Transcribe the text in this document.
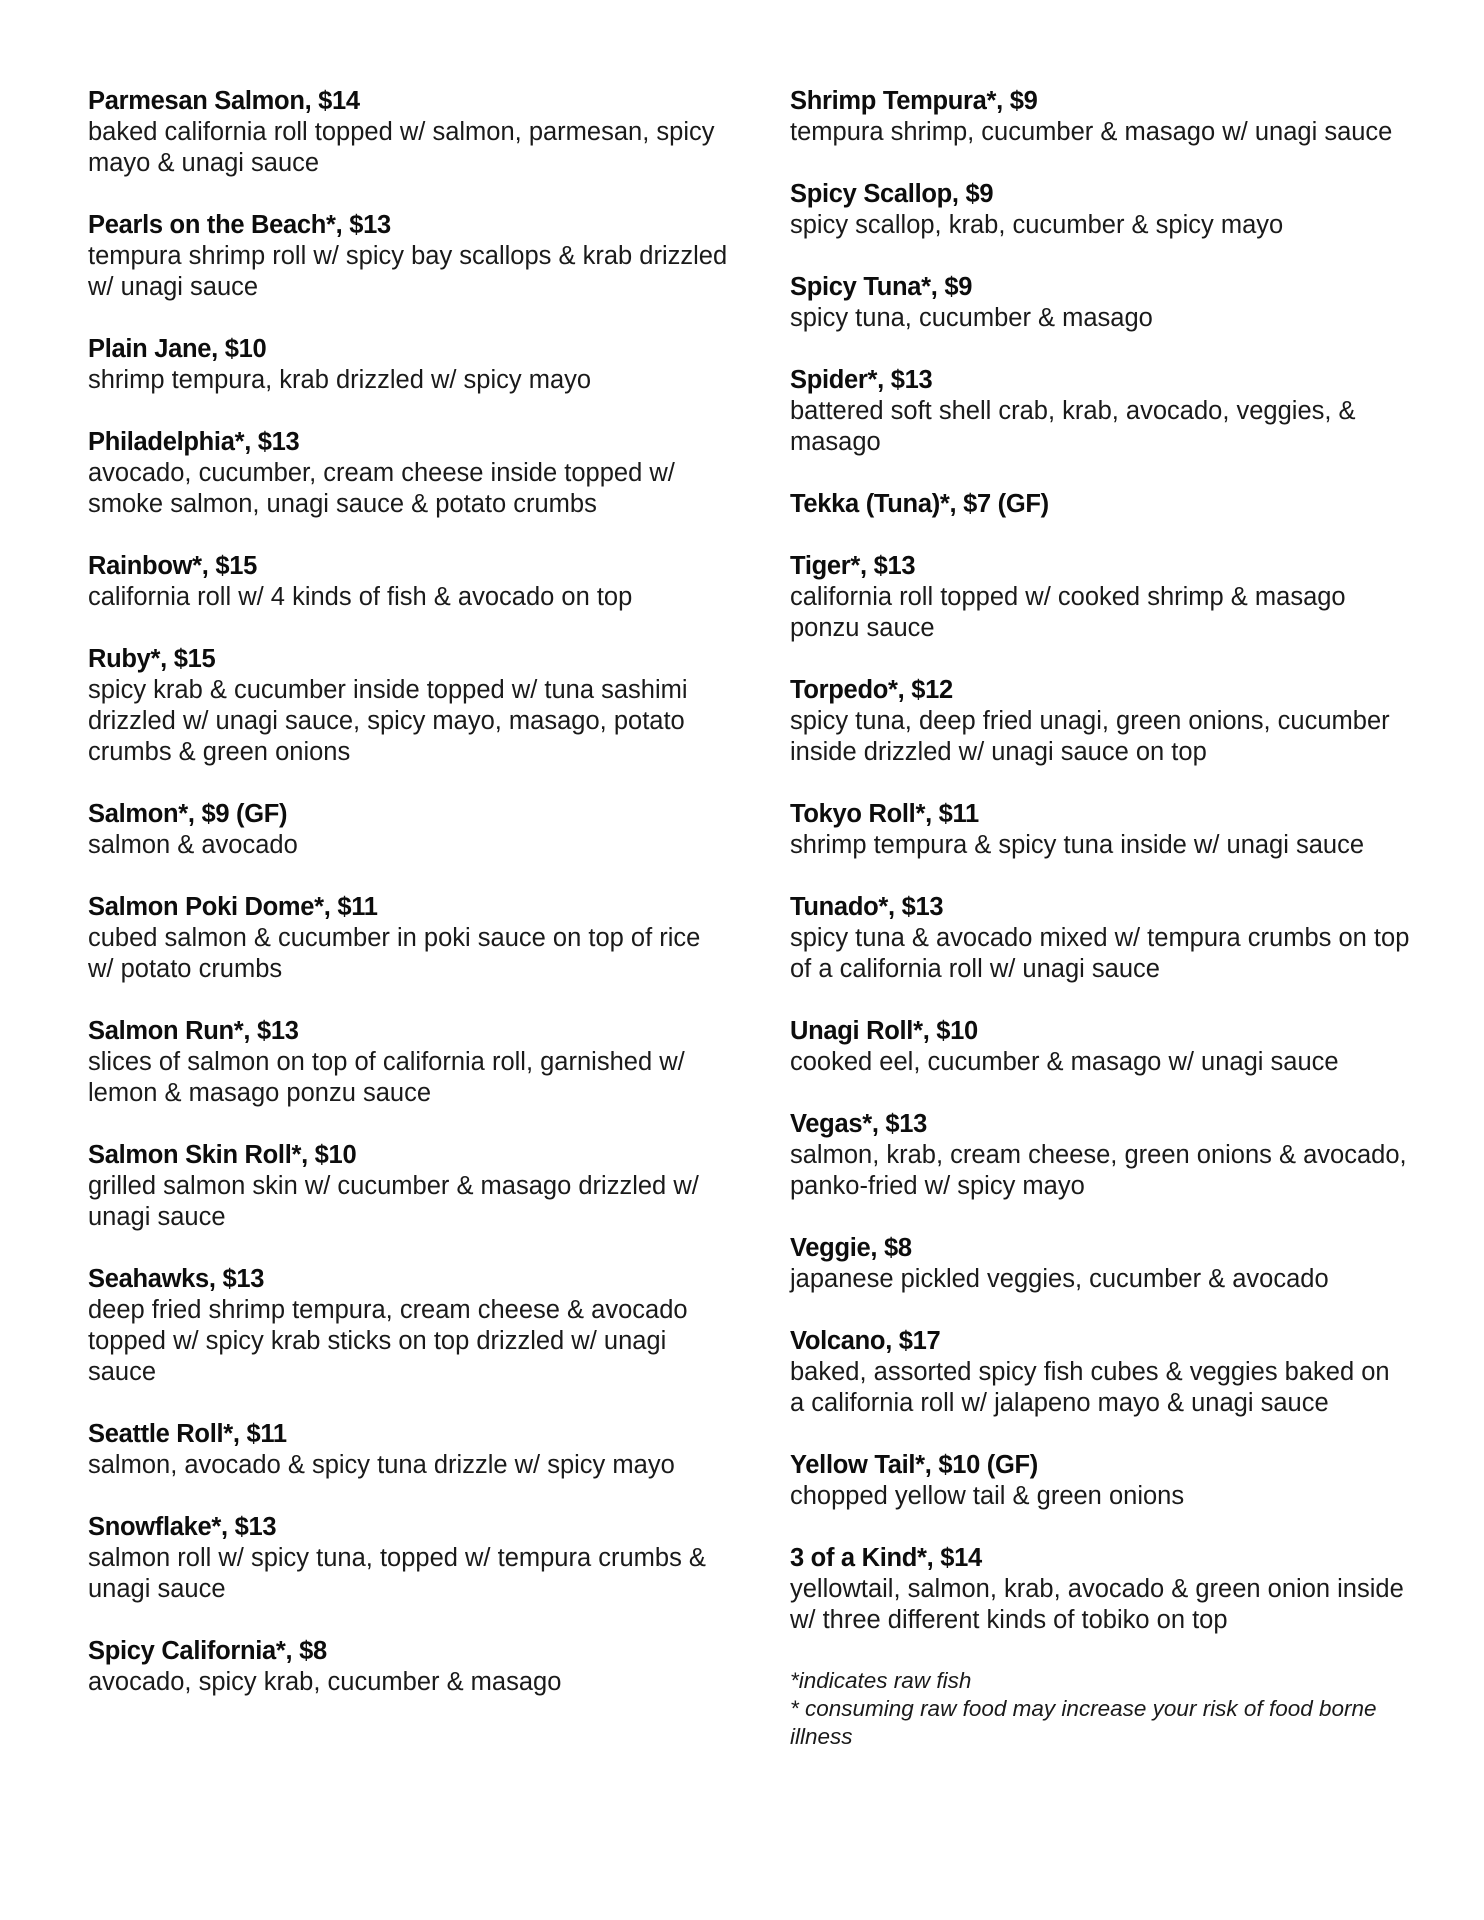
Parmesan Salmon, $14
baked california roll topped w/ salmon, parmesan, spicy mayo & unagi sauce
Pearls on the Beach*, $13
tempura shrimp roll w/ spicy bay scallops & krab drizzled w/ unagi sauce
Plain Jane, $10
shrimp tempura, krab drizzled w/ spicy mayo
Philadelphia*, $13
avocado, cucumber, cream cheese inside topped w/ smoke salmon, unagi sauce & potato crumbs
Rainbow*, $15
california roll w/ 4 kinds of fish & avocado on top
Ruby*, $15
spicy krab & cucumber inside topped w/ tuna sashimi drizzled w/ unagi sauce, spicy mayo, masago, potato crumbs & green onions
Salmon*, $9 (GF)
salmon & avocado
Salmon Poki Dome*, $11
cubed salmon & cucumber in poki sauce on top of rice w/ potato crumbs
Salmon Run*, $13
slices of salmon on top of california roll, garnished w/ lemon & masago ponzu sauce
Salmon Skin Roll*, $10
grilled salmon skin w/ cucumber & masago drizzled w/ unagi sauce
Seahawks, $13
deep fried shrimp tempura, cream cheese & avocado topped w/ spicy krab sticks on top drizzled w/ unagi sauce
Seattle Roll*, $11
salmon, avocado & spicy tuna drizzle w/ spicy mayo
Snowflake*, $13
salmon roll w/ spicy tuna, topped w/ tempura crumbs & unagi sauce
Spicy California*, $8
avocado, spicy krab, cucumber & masago
Shrimp Tempura*, $9
tempura shrimp, cucumber & masago w/ unagi sauce
Spicy Scallop, $9
spicy scallop, krab, cucumber & spicy mayo
Spicy Tuna*, $9
spicy tuna, cucumber & masago
Spider*, $13
battered soft shell crab, krab, avocado, veggies, & masago
Tekka (Tuna)*, $7 (GF)
Tiger*, $13
california roll topped w/ cooked shrimp & masago ponzu sauce
Torpedo*, $12
spicy tuna, deep fried unagi, green onions, cucumber inside drizzled w/ unagi sauce on top
Tokyo Roll*, $11
shrimp tempura & spicy tuna inside w/ unagi sauce
Tunado*, $13
spicy tuna & avocado mixed w/ tempura crumbs on top of a california roll w/ unagi sauce
Unagi Roll*, $10
cooked eel, cucumber & masago w/ unagi sauce
Vegas*, $13
salmon, krab, cream cheese, green onions & avocado, panko-fried w/ spicy mayo
Veggie, $8
japanese pickled veggies, cucumber & avocado
Volcano, $17
baked, assorted spicy fish cubes & veggies baked on a california roll w/ jalapeno mayo & unagi sauce
Yellow Tail*, $10 (GF)
chopped yellow tail & green onions
3 of a Kind*, $14
yellowtail, salmon, krab, avocado & green onion inside w/ three different kinds of tobiko on top
*indicates raw fish
* consuming raw food may increase your risk of food borne illness
